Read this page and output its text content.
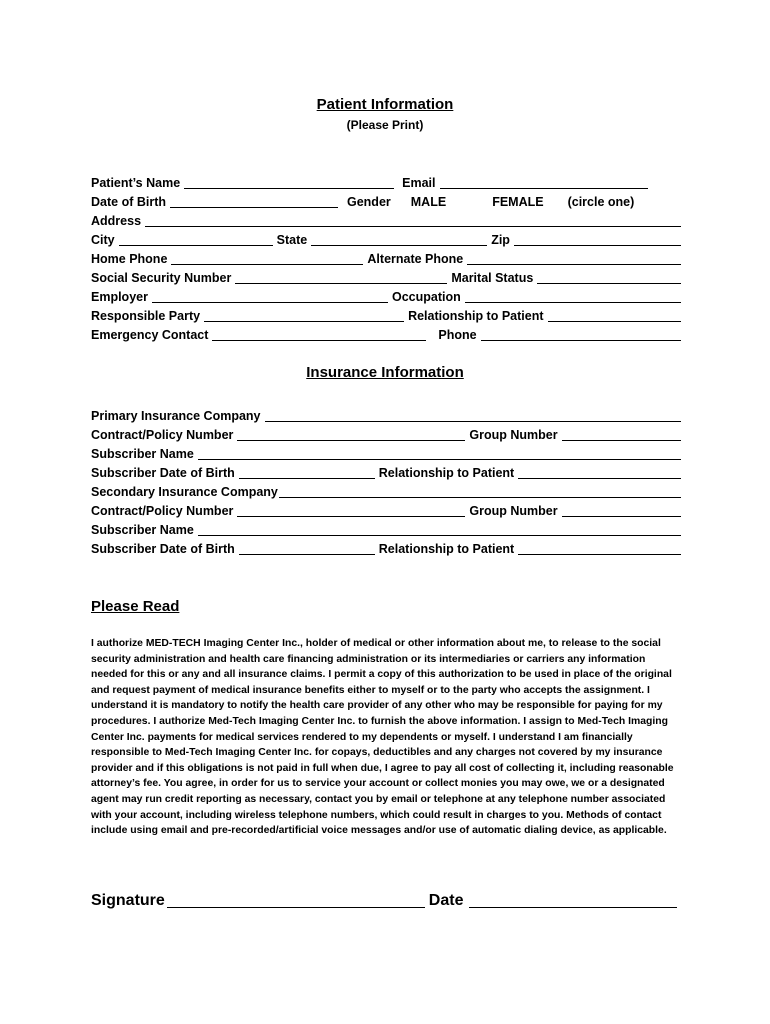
Patient Information
(Please Print)
Patient’s Name	Email
Date of Birth	Gender MALE	FEMALE (circle one)
Address
City	State	Zip
Home Phone	Alternate Phone
Social Security Number	Marital Status
Employer	Occupation
Responsible Party	Relationship to Patient
Emergency Contact	Phone
Insurance Information
Primary Insurance Company
Contract/Policy Number	Group Number
Subscriber Name
Subscriber Date of Birth	Relationship to Patient
Secondary Insurance Company
Contract/Policy Number	Group Number
Subscriber Name
Subscriber Date of Birth	Relationship to Patient
Please Read
I authorize MED-TECH Imaging Center Inc., holder of medical or other information about me, to release to the social security administration and health care financing administration or its intermediaries or carriers any information needed for this or any and all insurance claims. I permit a copy of this authorization to be used in place of the original and request payment of medical insurance benefits either to myself or to the party who accepts the assignment. I understand it is mandatory to notify the health care provider of any other who may be responsible for paying for my procedures. I authorize Med-Tech Imaging Center Inc. to furnish the above information. I assign to Med-Tech Imaging Center Inc. payments for medical services rendered to my dependents or myself. I understand I am financially responsible to Med-Tech Imaging Center Inc. for copays, deductibles and any charges not covered by my insurance provider and if this obligations is not paid in full when due, I agree to pay all cost of collecting it, including reasonable attorney’s fee. You agree, in order for us to service your account or collect monies you may owe, we or a designated agent may run credit reporting as necessary, contact you by email or telephone at any telephone number associated with your account, including wireless telephone numbers, which could result in charges to you. Methods of contact include using email and pre-recorded/artificial voice messages and/or use of automatic dialing device, as applicable.
Signature	Date
